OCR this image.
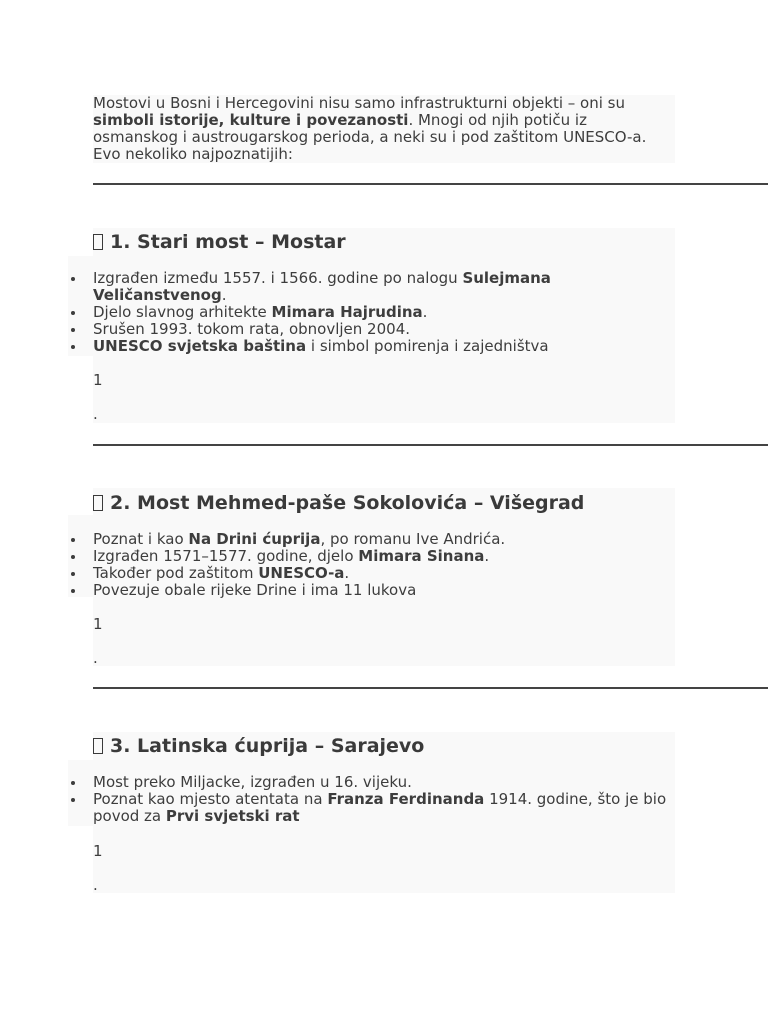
Mostovi u Bosni i Hercegovini nisu samo infrastrukturni objekti – oni su simboli istorije, kulture i povezanosti. Mnogi od njih potiču iz osmanskog i austrougarskog perioda, a neki su i pod zaštitom UNESCO-a. Evo nekoliko najpoznatijih:

1. Stari most – Mostar
Izgrađen između 1557. i 1566. godine po nalogu Sulejmana Veličanstvenog.
Djelo slavnog arhitekte Mimara Hajrudina.
Srušen 1993. tokom rata, obnovljen 2004.
UNESCO svjetska baština i simbol pomirenja i zajedništva

1

.

2. Most Mehmed-paše Sokolovića – Višegrad
Poznat i kao Na Drini ćuprija, po romanu Ive Andrića.
Izgrađen 1571–1577. godine, djelo Mimara Sinana.
Također pod zaštitom UNESCO-a.
Povezuje obale rijeke Drine i ima 11 lukova

1

.

3. Latinska ćuprija – Sarajevo
Most preko Miljacke, izgrađen u 16. vijeku.
Poznat kao mjesto atentata na Franza Ferdinanda 1914. godine, što je bio povod za Prvi svjetski rat

1

.
